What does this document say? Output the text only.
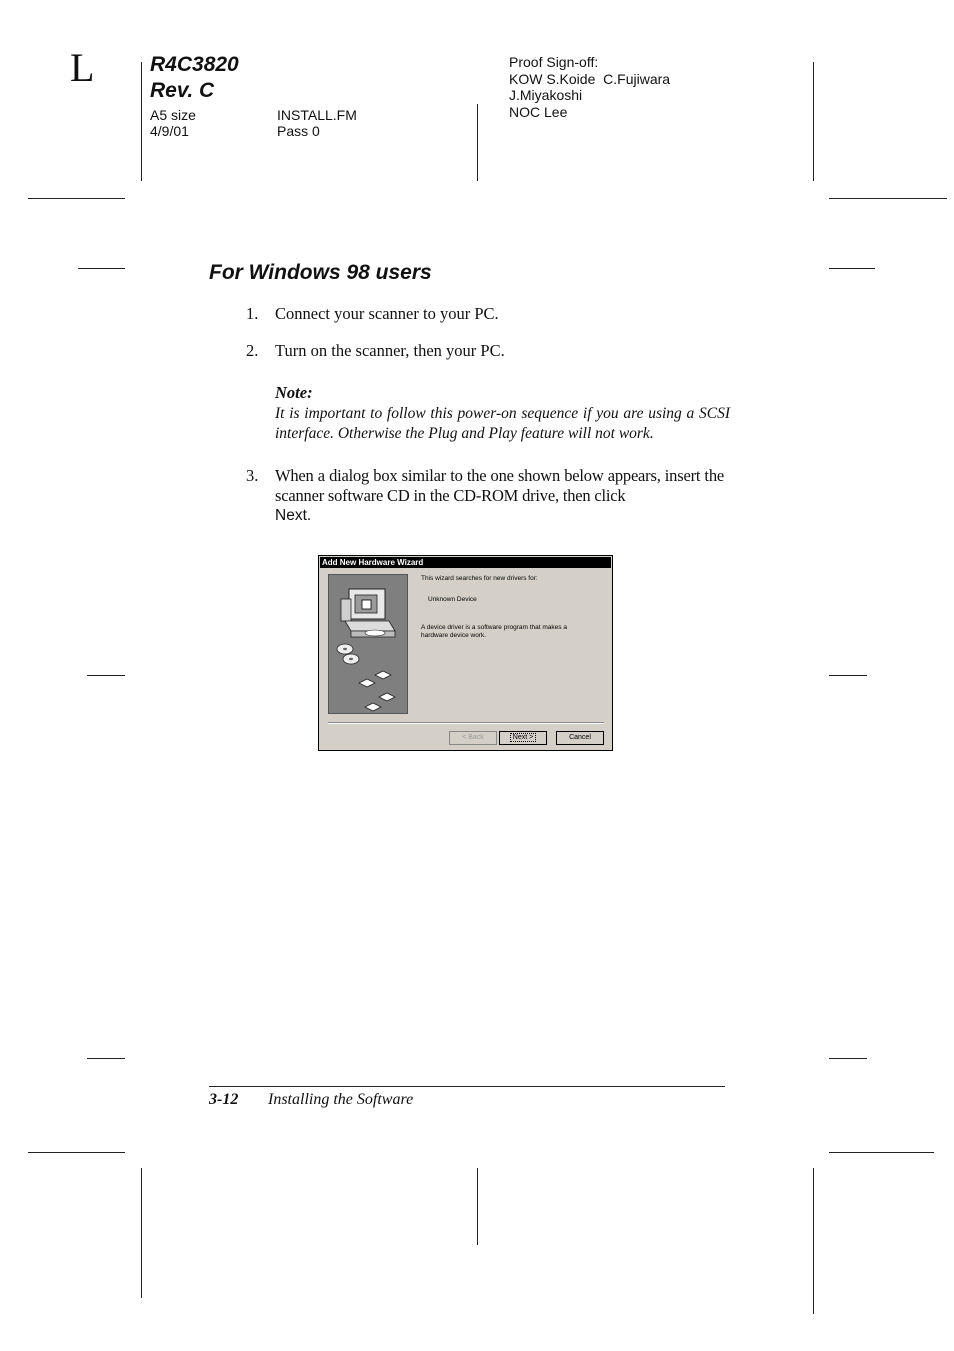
L	R4C3820
Rev. C
A5 size
4/9/01
INSTALL.FM
Pass 0
Proof Sign-off:
KOW S.Koide  C.Fujiwara
J.Miyakoshi
NOC Lee
For Windows 98 users
1. Connect your scanner to your PC.
2. Turn on the scanner, then your PC.
Note:
It is important to follow this power-on sequence if you are using a SCSI interface. Otherwise the Plug and Play feature will not work.
3. When a dialog box similar to the one shown below appears, insert the scanner software CD in the CD-ROM drive, then click
Next.
Add New Hardware Wizard
This wizard searches for new drivers for:
Unknown Device
A device driver is a software program that makes a hardware device work.
< Back	Next >	Cancel
3-12 Installing the Software
